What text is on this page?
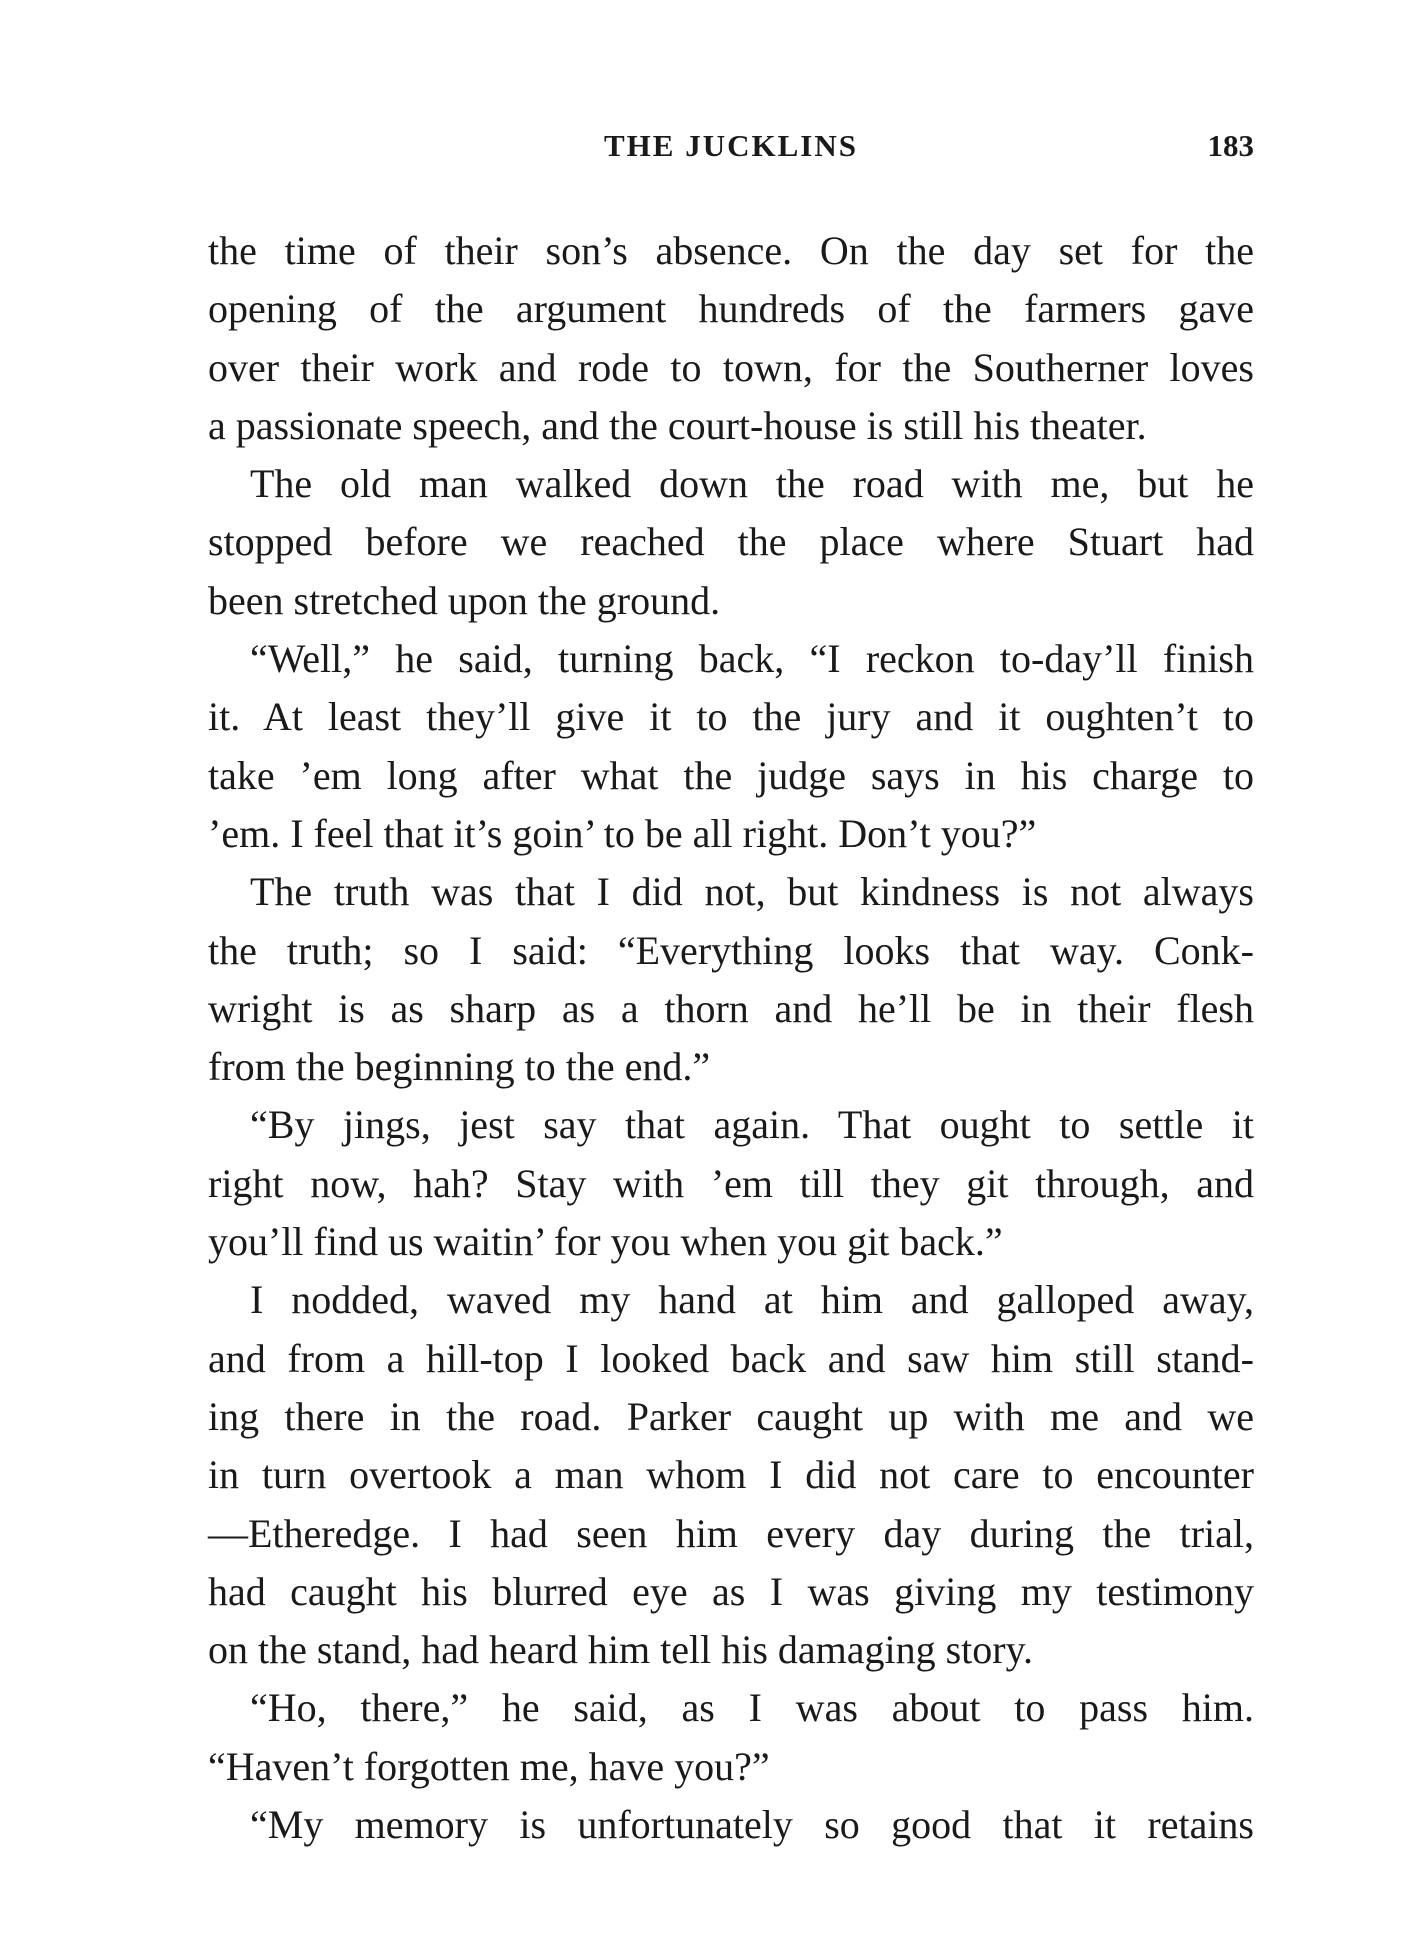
THE JUCKLINS	183
the time of their son’s absence. On the day set for the
opening of the argument hundreds of the farmers gave
over their work and rode to town, for the Southerner loves
a passionate speech, and the court-house is still his theater.
The old man walked down the road with me, but he
stopped before we reached the place where Stuart had
been stretched upon the ground.
“Well,” he said, turning back, “I reckon to-day’ll finish
it. At least they’ll give it to the jury and it oughten’t to
take ’em long after what the judge says in his charge to
’em. I feel that it’s goin’ to be all right. Don’t you?”
The truth was that I did not, but kindness is not always
the truth; so I said: “Everything looks that way. Conk-
wright is as sharp as a thorn and he’ll be in their flesh
from the beginning to the end.”
“By jings, jest say that again. That ought to settle it
right now, hah? Stay with ’em till they git through, and
you’ll find us waitin’ for you when you git back.”
I nodded, waved my hand at him and galloped away,
and from a hill-top I looked back and saw him still stand-
ing there in the road. Parker caught up with me and we
in turn overtook a man whom I did not care to encounter
—Etheredge. I had seen him every day during the trial,
had caught his blurred eye as I was giving my testimony
on the stand, had heard him tell his damaging story.
“Ho, there,” he said, as I was about to pass him.
“Haven’t forgotten me, have you?”
“My memory is unfortunately so good that it retains
